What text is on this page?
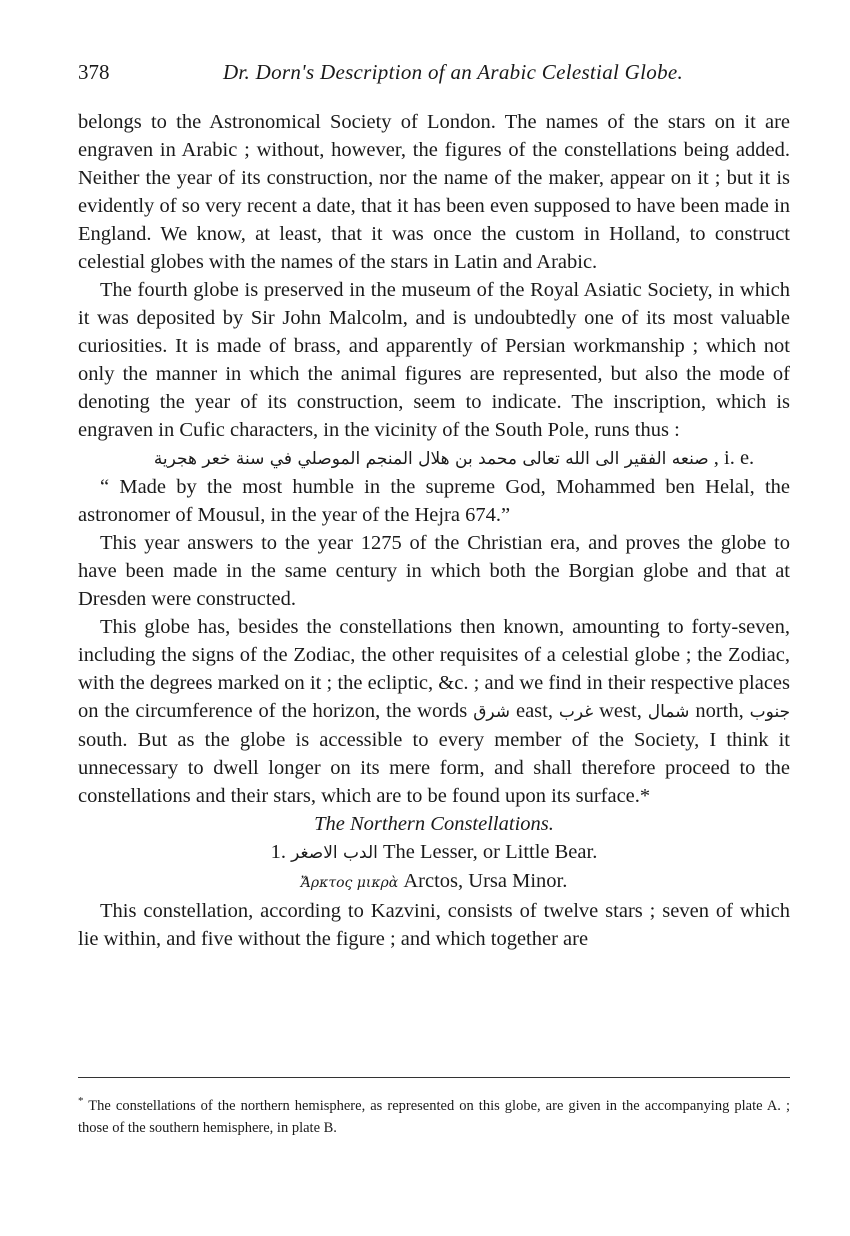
378	Dr. Dorn's Description of an Arabic Celestial Globe.

belongs to the Astronomical Society of London. The names of the stars on it are engraven in Arabic ; without, however, the figures of the constellations being added. Neither the year of its construction, nor the name of the maker, appear on it ; but it is evidently of so very recent a date, that it has been even supposed to have been made in England. We know, at least, that it was once the custom in Holland, to construct celestial globes with the names of the stars in Latin and Arabic.

The fourth globe is preserved in the museum of the Royal Asiatic Society, in which it was deposited by Sir John Malcolm, and is undoubtedly one of its most valuable curiosities. It is made of brass, and apparently of Persian workmanship ; which not only the manner in which the animal figures are represented, but also the mode of denoting the year of its construction, seem to indicate. The inscription, which is engraven in Cufic characters, in the vicinity of the South Pole, runs thus :

صنعه الفقير الى الله تعالى محمد بن هلال المنجم الموصلي في سنة خعر هجرية , i. e.

“ Made by the most humble in the supreme God, Mohammed ben Helal, the astronomer of Mousul, in the year of the Hejra 674.”

This year answers to the year 1275 of the Christian era, and proves the globe to have been made in the same century in which both the Borgian globe and that at Dresden were constructed.

This globe has, besides the constellations then known, amounting to forty-seven, including the signs of the Zodiac, the other requisites of a celestial globe ; the Zodiac, with the degrees marked on it ; the ecliptic, &c. ; and we find in their respective places on the circumference of the horizon, the words شرق east, غرب west, شمال north, جنوب south. But as the globe is accessible to every member of the Society, I think it unnecessary to dwell longer on its mere form, and shall therefore proceed to the constellations and their stars, which are to be found upon its surface.*

The Northern Constellations.

1. الدب الاصغر The Lesser, or Little Bear.

Ἄρκτος μικρὰ Arctos, Ursa Minor.

This constellation, according to Kazvini, consists of twelve stars ; seven of which lie within, and five without the figure ; and which together are

* The constellations of the northern hemisphere, as represented on this globe, are given in the accompanying plate A. ; those of the southern hemisphere, in plate B.
